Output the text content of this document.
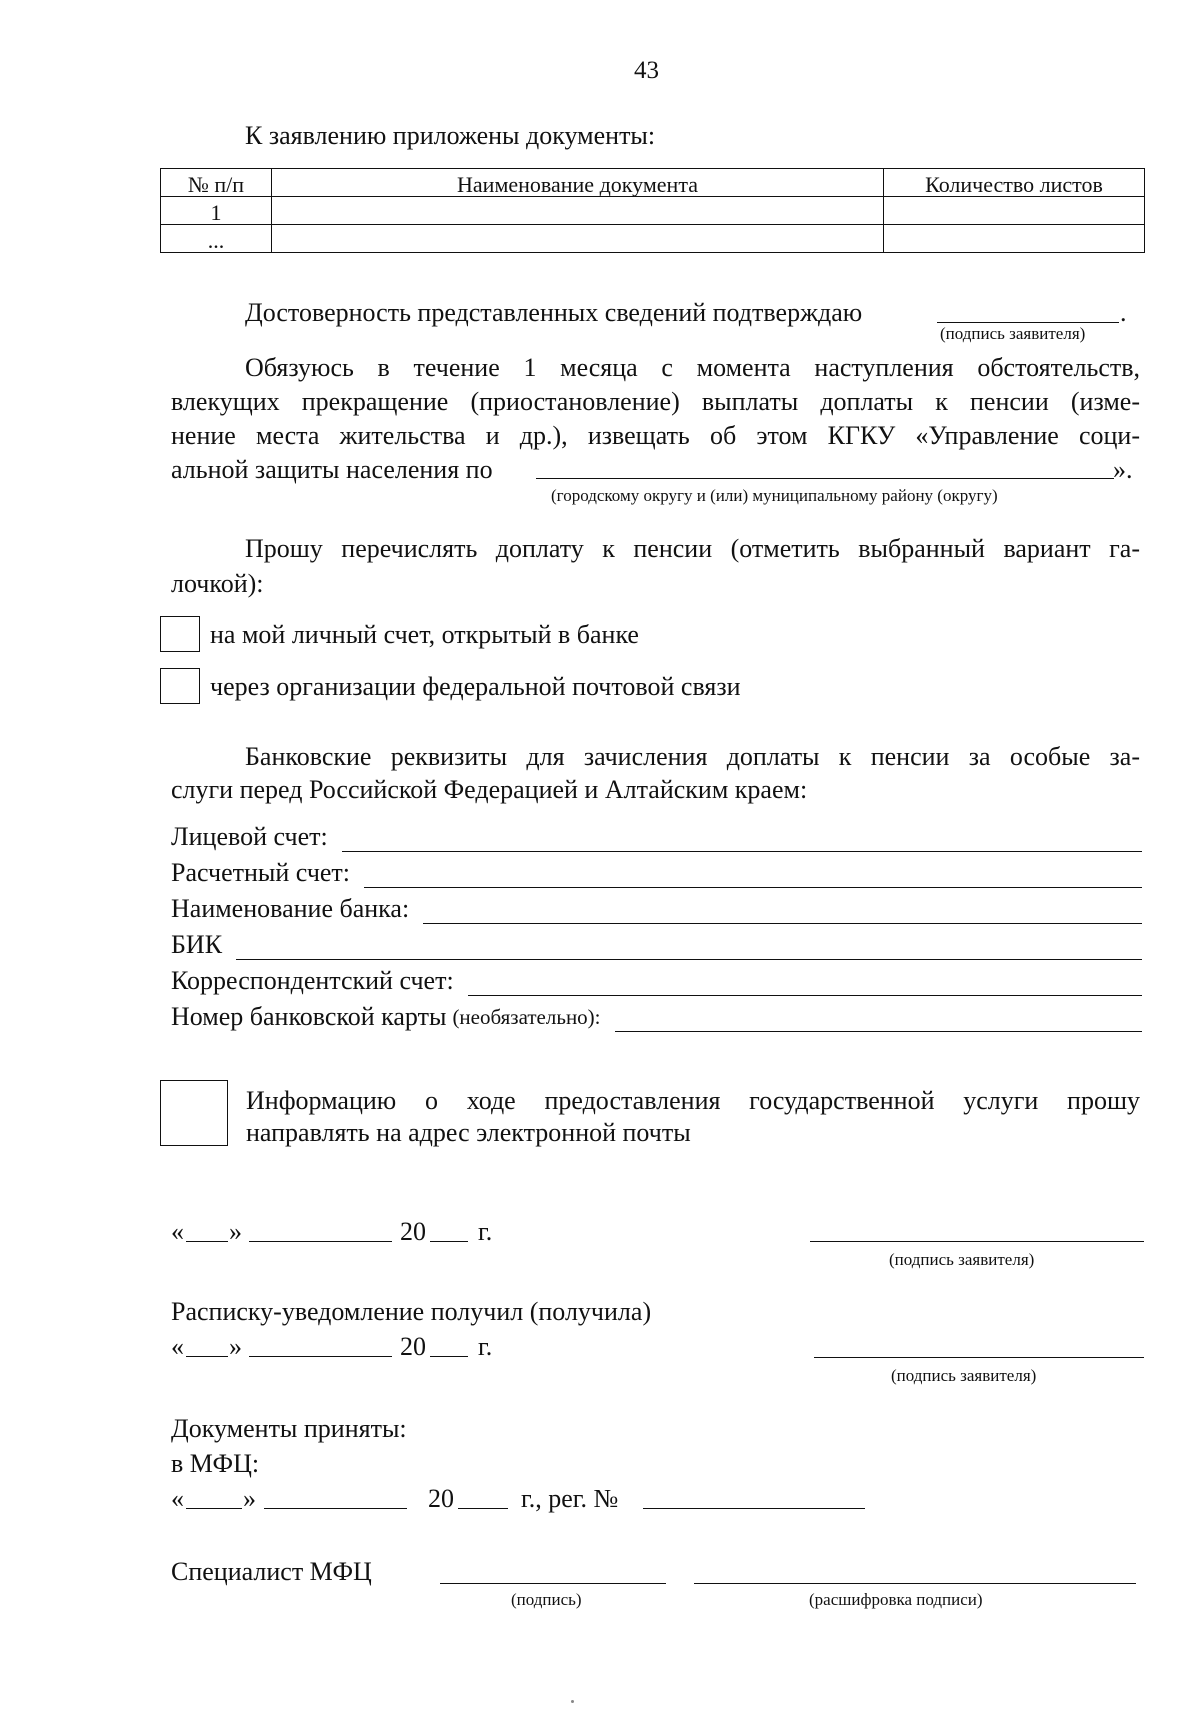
43
К заявлению приложены документы:
№ п/п	Наименование документа	Количество листов
1		
...		
Достоверность представленных сведений подтверждаю	.
(подпись заявителя)
Обязуюсь в течение 1 месяца с момента наступления обстоятельств,
влекущих прекращение (приостановление) выплаты доплаты к пенсии (изме-
нение места жительства и др.), извещать об этом КГКУ «Управление соци-
альной защиты населения по	».
(городскому округу и (или) муниципальному району (округу)
Прошу перечислять доплату к пенсии (отметить выбранный вариант га-
лочкой):
на мой личный счет, открытый в банке
через организации федеральной почтовой связи
Банковские реквизиты для зачисления доплаты к пенсии за особые за-
слуги перед Российской Федерацией и Алтайским краем:
Лицевой счет:
Расчетный счет:
Наименование банка:
БИК
Корреспондентский счет:
Номер банковской карты (необязательно):
Информацию о ходе предоставления государственной услуги прошу
направлять на адрес электронной почты
« »	20 г.
(подпись заявителя)
Расписку-уведомление получил (получила)
« »	20 г.
(подпись заявителя)
Документы приняты:
в МФЦ:
« »	20	г., рег. №
Специалист МФЦ
(подпись)	(расшифровка подписи)
